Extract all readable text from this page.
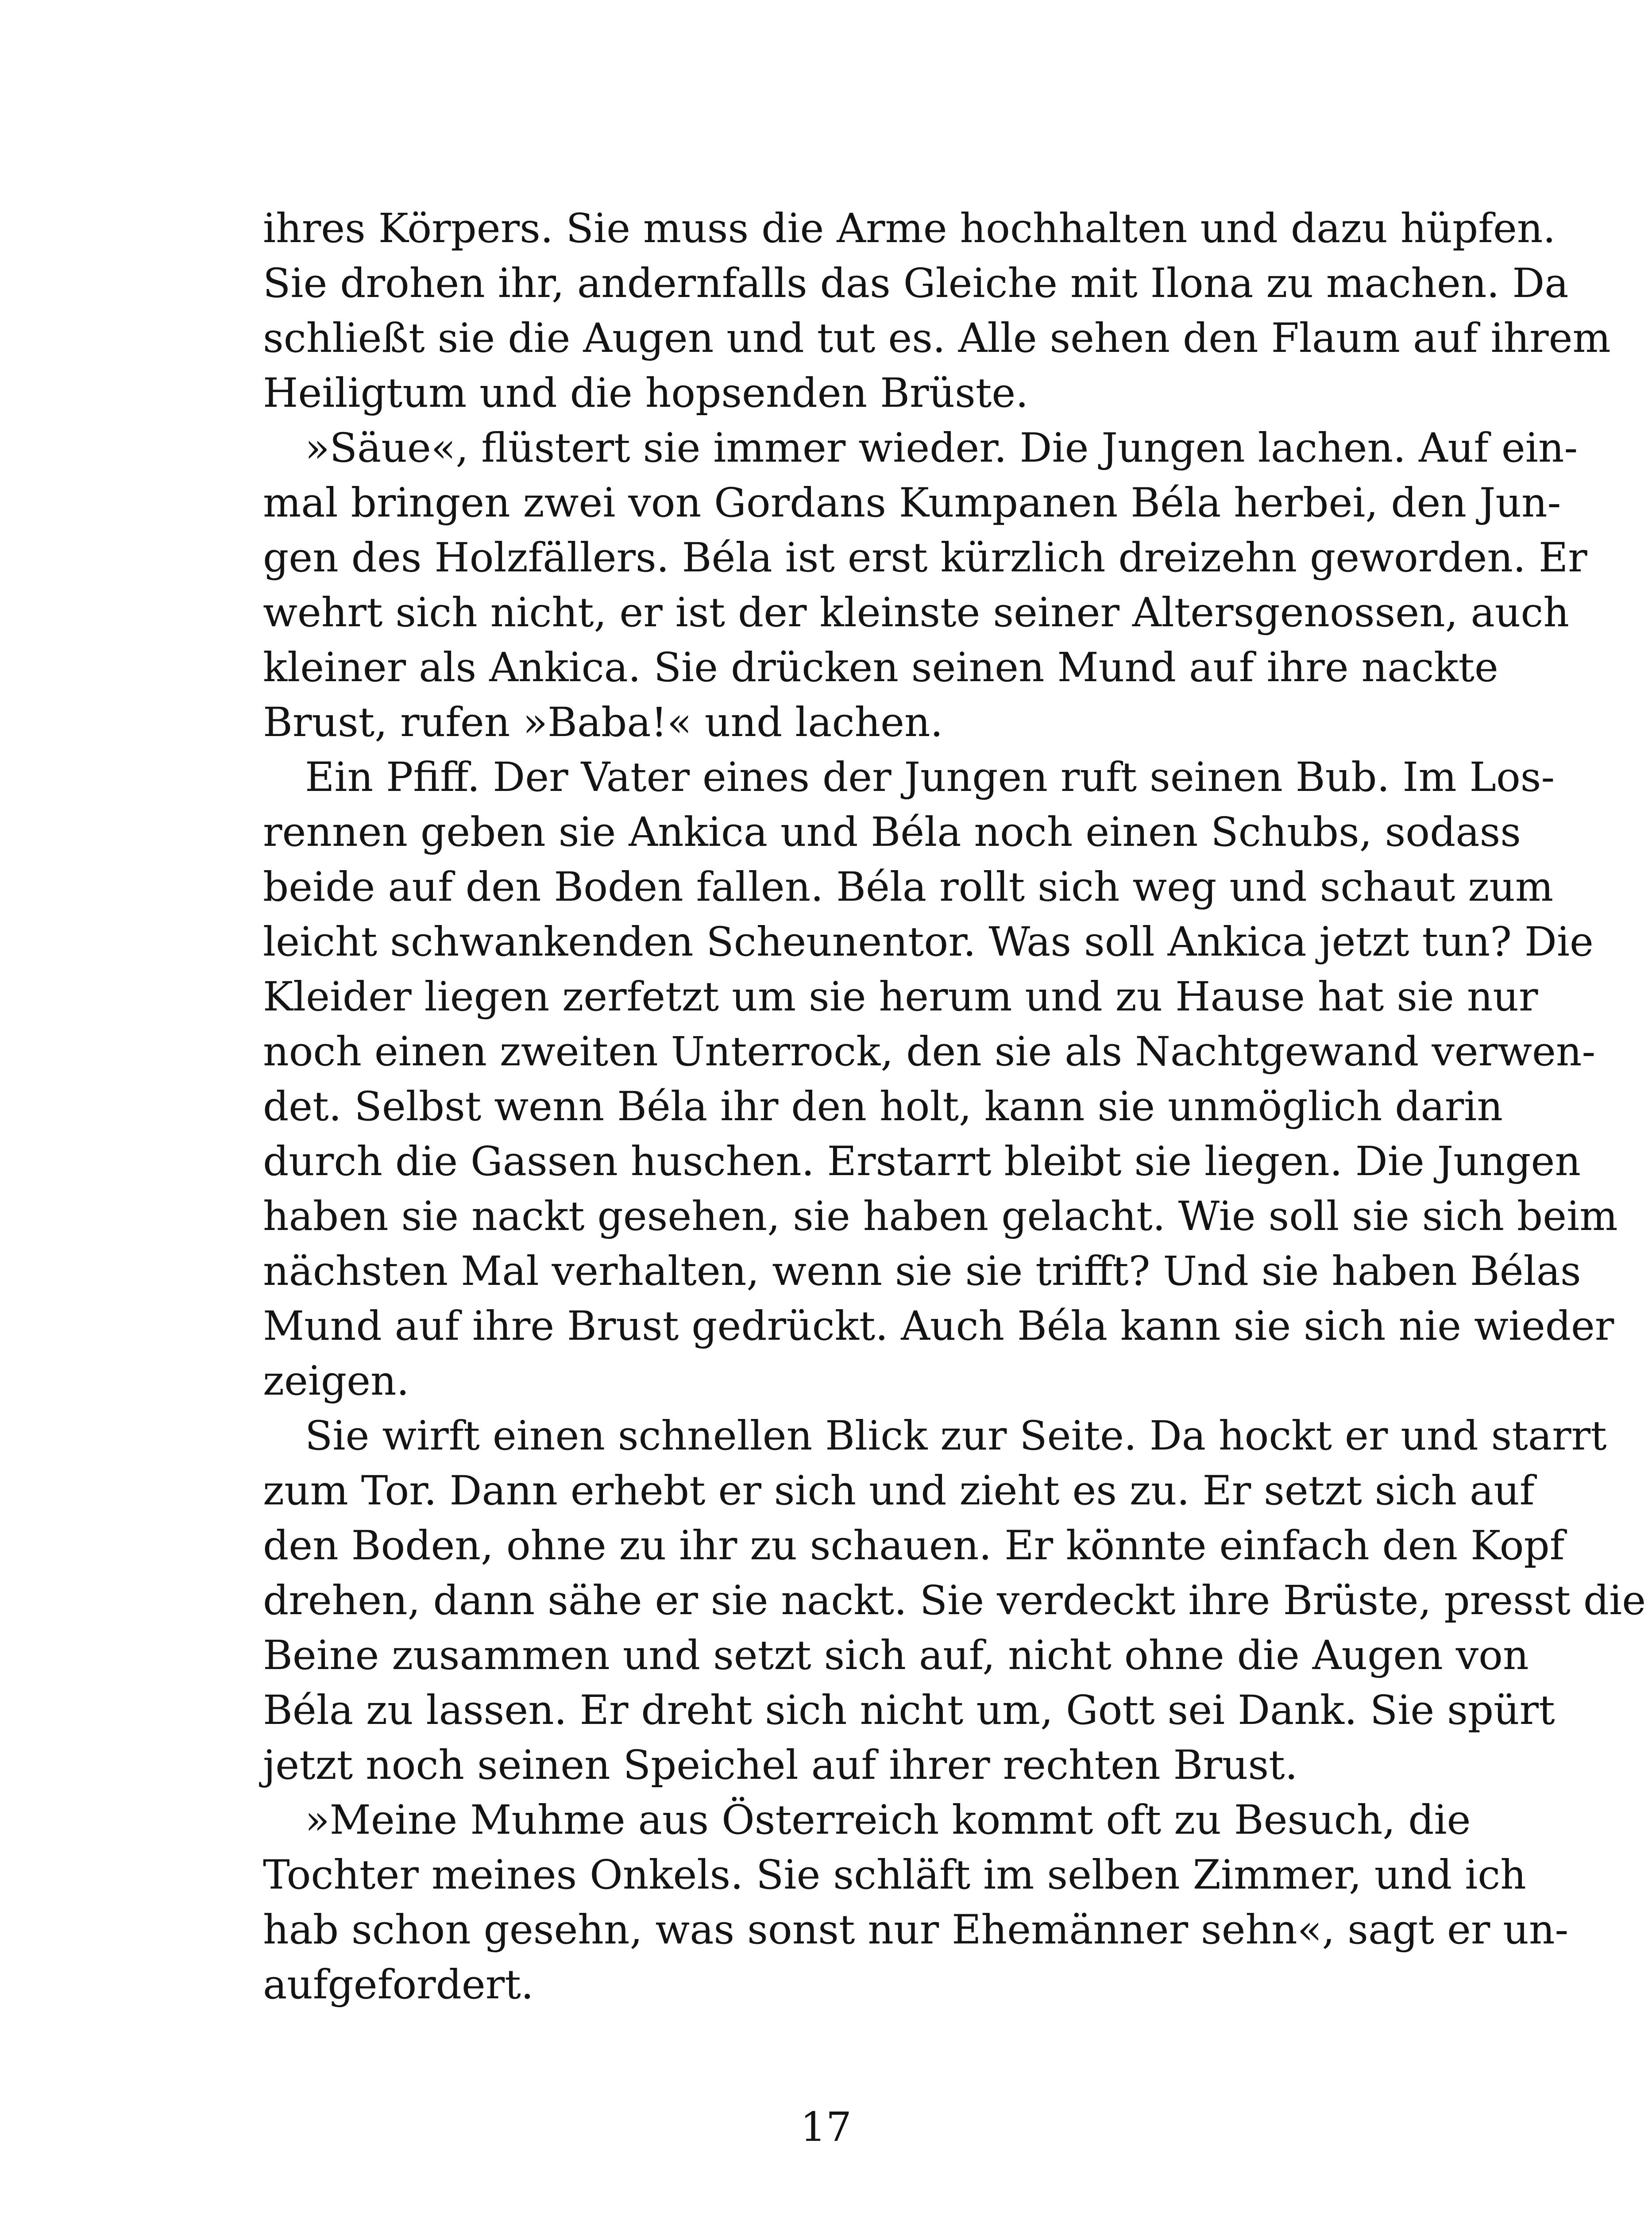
ihres Körpers. Sie muss die Arme hochhalten und dazu hüpfen.
Sie drohen ihr, andernfalls das Gleiche mit Ilona zu machen. Da
schließt sie die Augen und tut es. Alle sehen den Flaum auf ihrem
Heiligtum und die hopsenden Brüste.
»Säue«, flüstert sie immer wieder. Die Jungen lachen. Auf ein-
mal bringen zwei von Gordans Kumpanen Béla herbei, den Jun-
gen des Holzfällers. Béla ist erst kürzlich dreizehn geworden. Er
wehrt sich nicht, er ist der kleinste seiner Altersgenossen, auch
kleiner als Ankica. Sie drücken seinen Mund auf ihre nackte
Brust, rufen »Baba!« und lachen.
Ein Pfiff. Der Vater eines der Jungen ruft seinen Bub. Im Los-
rennen geben sie Ankica und Béla noch einen Schubs, sodass
beide auf den Boden fallen. Béla rollt sich weg und schaut zum
leicht schwankenden Scheunentor. Was soll Ankica jetzt tun? Die
Kleider liegen zerfetzt um sie herum und zu Hause hat sie nur
noch einen zweiten Unterrock, den sie als Nachtgewand verwen-
det. Selbst wenn Béla ihr den holt, kann sie unmöglich darin
durch die Gassen huschen. Erstarrt bleibt sie liegen. Die Jungen
haben sie nackt gesehen, sie haben gelacht. Wie soll sie sich beim
nächsten Mal verhalten, wenn sie sie trifft? Und sie haben Bélas
Mund auf ihre Brust gedrückt. Auch Béla kann sie sich nie wieder
zeigen.
Sie wirft einen schnellen Blick zur Seite. Da hockt er und starrt
zum Tor. Dann erhebt er sich und zieht es zu. Er setzt sich auf
den Boden, ohne zu ihr zu schauen. Er könnte einfach den Kopf
drehen, dann sähe er sie nackt. Sie verdeckt ihre Brüste, presst die
Beine zusammen und setzt sich auf, nicht ohne die Augen von
Béla zu lassen. Er dreht sich nicht um, Gott sei Dank. Sie spürt
jetzt noch seinen Speichel auf ihrer rechten Brust.
»Meine Muhme aus Österreich kommt oft zu Besuch, die
Tochter meines Onkels. Sie schläft im selben Zimmer, und ich
hab schon gesehn, was sonst nur Ehemänner sehn«, sagt er un-
aufgefordert.
17
